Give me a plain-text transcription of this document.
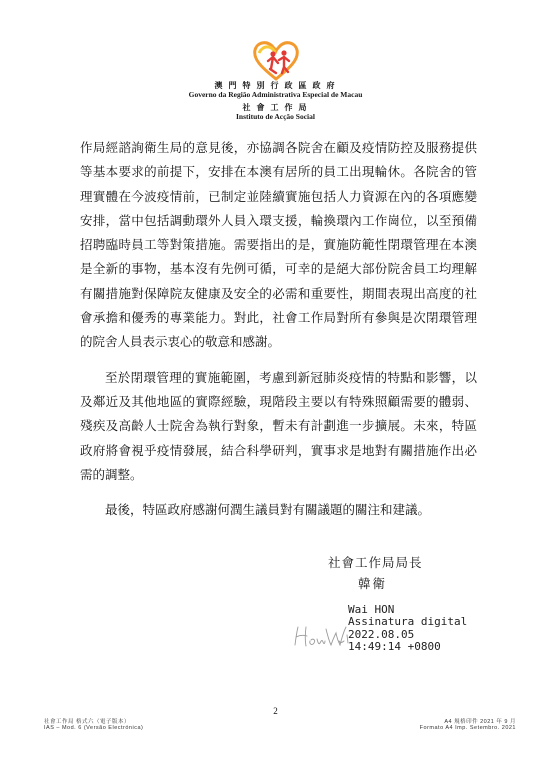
澳 門 特 別 行 政 區 政 府
Governo da Região Administrativa Especial de Macau
社 會 工 作 局
Instituto de Acção Social

作局經諮詢衛生局的意見後，亦協調各院舍在顧及疫情防控及服務提供等基本要求的前提下，安排在本澳有居所的員工出現輪休。各院舍的管理實體在今波疫情前，已制定並陸續實施包括人力資源在內的各項應變安排，當中包括調動環外人員入環支援，輪換環內工作崗位，以至預備招聘臨時員工等對策措施。需要指出的是，實施防範性閉環管理在本澳是全新的事物，基本沒有先例可循，可幸的是絕大部份院舍員工均理解有關措施對保障院友健康及安全的必需和重要性，期間表現出高度的社會承擔和優秀的專業能力。對此，社會工作局對所有參與是次閉環管理的院舍人員表示衷心的敬意和感謝。

至於閉環管理的實施範圍，考慮到新冠肺炎疫情的特點和影響，以及鄰近及其他地區的實際經驗，現階段主要以有特殊照顧需要的體弱、殘疾及高齡人士院舍為執行對象，暫未有計劃進一步擴展。未來，特區政府將會視乎疫情發展，結合科學研判，實事求是地對有關措施作出必需的調整。

最後，特區政府感謝何潤生議員對有關議題的關注和建議。

社會工作局局長
韓衛
Wai HON
Assinatura digital
2022.08.05
14:49:14 +0800
2
社會工作局 格式六（電子版本）
IAS – Mod. 6 (Versão Electrónica)
A4 規格印件 2021 年 9 月
Formato A4 Imp. Setembro. 2021
